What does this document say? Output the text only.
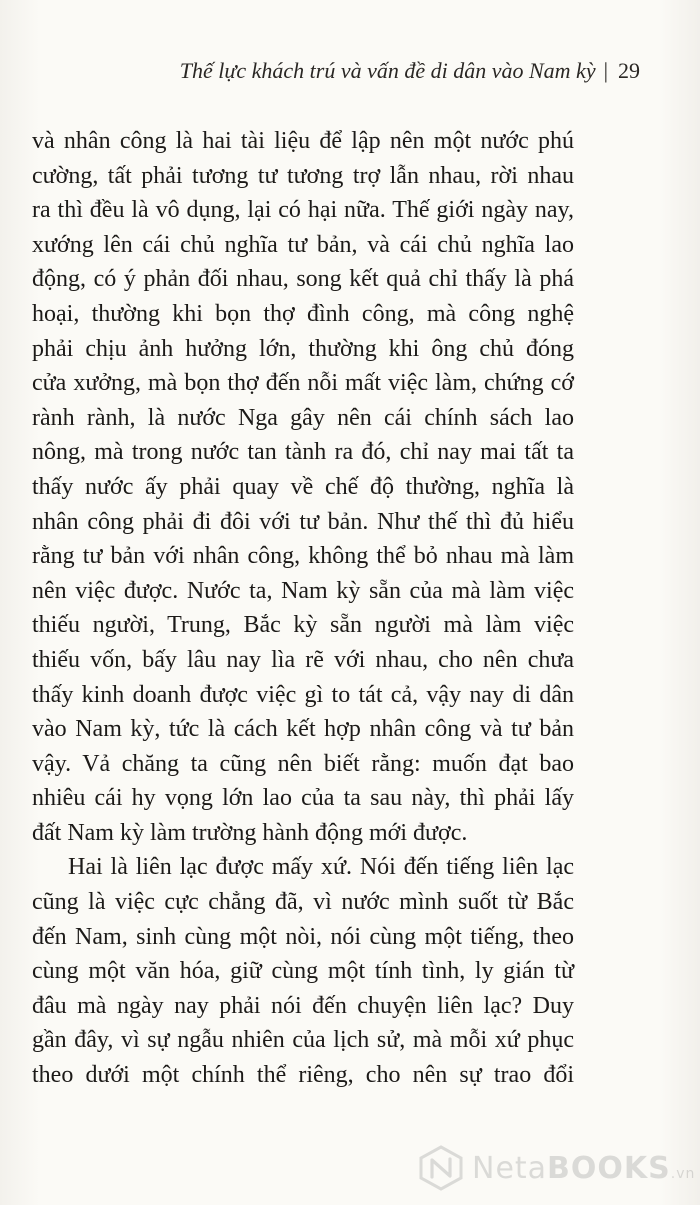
Thế lực khách trú và vấn đề di dân vào Nam kỳ | 29
và nhân công là hai tài liệu để lập nên một nước phú
cường, tất phải tương tư tương trợ lẫn nhau, rời nhau
ra thì đều là vô dụng, lại có hại nữa. Thế giới ngày nay,
xướng lên cái chủ nghĩa tư bản, và cái chủ nghĩa lao
động, có ý phản đối nhau, song kết quả chỉ thấy là phá
hoại, thường khi bọn thợ đình công, mà công nghệ
phải chịu ảnh hưởng lớn, thường khi ông chủ đóng
cửa xưởng, mà bọn thợ đến nỗi mất việc làm, chứng cớ
rành rành, là nước Nga gây nên cái chính sách lao
nông, mà trong nước tan tành ra đó, chỉ nay mai tất ta
thấy nước ấy phải quay về chế độ thường, nghĩa là
nhân công phải đi đôi với tư bản. Như thế thì đủ hiểu
rằng tư bản với nhân công, không thể bỏ nhau mà làm
nên việc được. Nước ta, Nam kỳ sẵn của mà làm việc
thiếu người, Trung, Bắc kỳ sẵn người mà làm việc
thiếu vốn, bấy lâu nay lìa rẽ với nhau, cho nên chưa
thấy kinh doanh được việc gì to tát cả, vậy nay di dân
vào Nam kỳ, tức là cách kết hợp nhân công và tư bản
vậy. Vả chăng ta cũng nên biết rằng: muốn đạt bao
nhiêu cái hy vọng lớn lao của ta sau này, thì phải lấy
đất Nam kỳ làm trường hành động mới được.
Hai là liên lạc được mấy xứ. Nói đến tiếng liên lạc
cũng là việc cực chẳng đã, vì nước mình suốt từ Bắc
đến Nam, sinh cùng một nòi, nói cùng một tiếng, theo
cùng một văn hóa, giữ cùng một tính tình, ly gián từ
đâu mà ngày nay phải nói đến chuyện liên lạc? Duy
gần đây, vì sự ngẫu nhiên của lịch sử, mà mỗi xứ phục
theo dưới một chính thể riêng, cho nên sự trao đổi
NetaBOOKS.vn
